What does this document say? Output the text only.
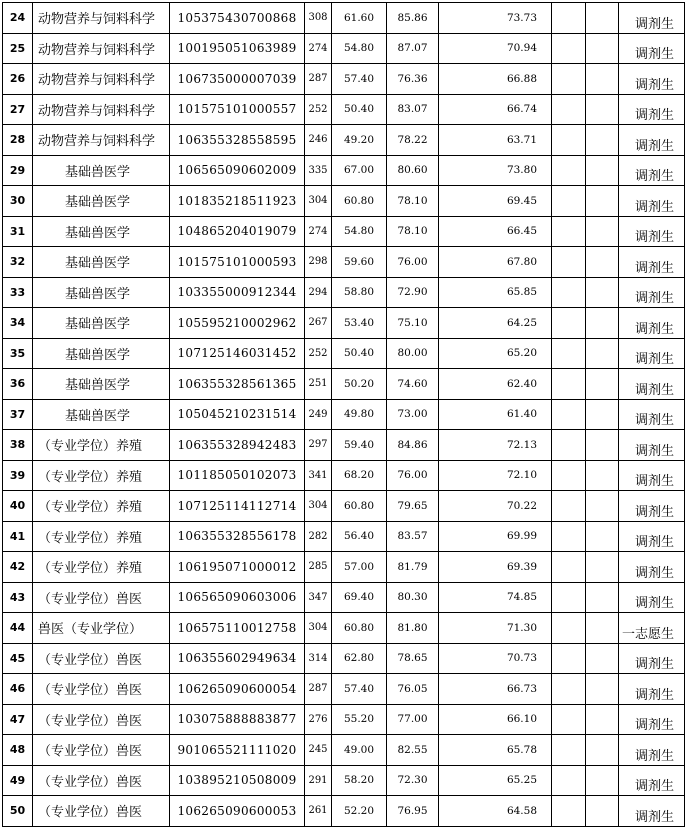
24	动物营养与饲料科学	105375430700868	308	61.60	85.86	73.73			调剂生
25	动物营养与饲料科学	100195051063989	274	54.80	87.07	70.94			调剂生
26	动物营养与饲料科学	106735000007039	287	57.40	76.36	66.88			调剂生
27	动物营养与饲料科学	101575101000557	252	50.40	83.07	66.74			调剂生
28	动物营养与饲料科学	106355328558595	246	49.20	78.22	63.71			调剂生
29	基础兽医学	106565090602009	335	67.00	80.60	73.80			调剂生
30	基础兽医学	101835218511923	304	60.80	78.10	69.45			调剂生
31	基础兽医学	104865204019079	274	54.80	78.10	66.45			调剂生
32	基础兽医学	101575101000593	298	59.60	76.00	67.80			调剂生
33	基础兽医学	103355000912344	294	58.80	72.90	65.85			调剂生
34	基础兽医学	105595210002962	267	53.40	75.10	64.25			调剂生
35	基础兽医学	107125146031452	252	50.40	80.00	65.20			调剂生
36	基础兽医学	106355328561365	251	50.20	74.60	62.40			调剂生
37	基础兽医学	105045210231514	249	49.80	73.00	61.40			调剂生
38	（专业学位）养殖	106355328942483	297	59.40	84.86	72.13			调剂生
39	（专业学位）养殖	101185050102073	341	68.20	76.00	72.10			调剂生
40	（专业学位）养殖	107125114112714	304	60.80	79.65	70.22			调剂生
41	（专业学位）养殖	106355328556178	282	56.40	83.57	69.99			调剂生
42	（专业学位）养殖	106195071000012	285	57.00	81.79	69.39			调剂生
43	（专业学位）兽医	106565090603006	347	69.40	80.30	74.85			调剂生
44	兽医（专业学位）	106575110012758	304	60.80	81.80	71.30			一志愿生
45	（专业学位）兽医	106355602949634	314	62.80	78.65	70.73			调剂生
46	（专业学位）兽医	106265090600054	287	57.40	76.05	66.73			调剂生
47	（专业学位）兽医	103075888883877	276	55.20	77.00	66.10			调剂生
48	（专业学位）兽医	901065521111020	245	49.00	82.55	65.78			调剂生
49	（专业学位）兽医	103895210508009	291	58.20	72.30	65.25			调剂生
50	（专业学位）兽医	106265090600053	261	52.20	76.95	64.58			调剂生
